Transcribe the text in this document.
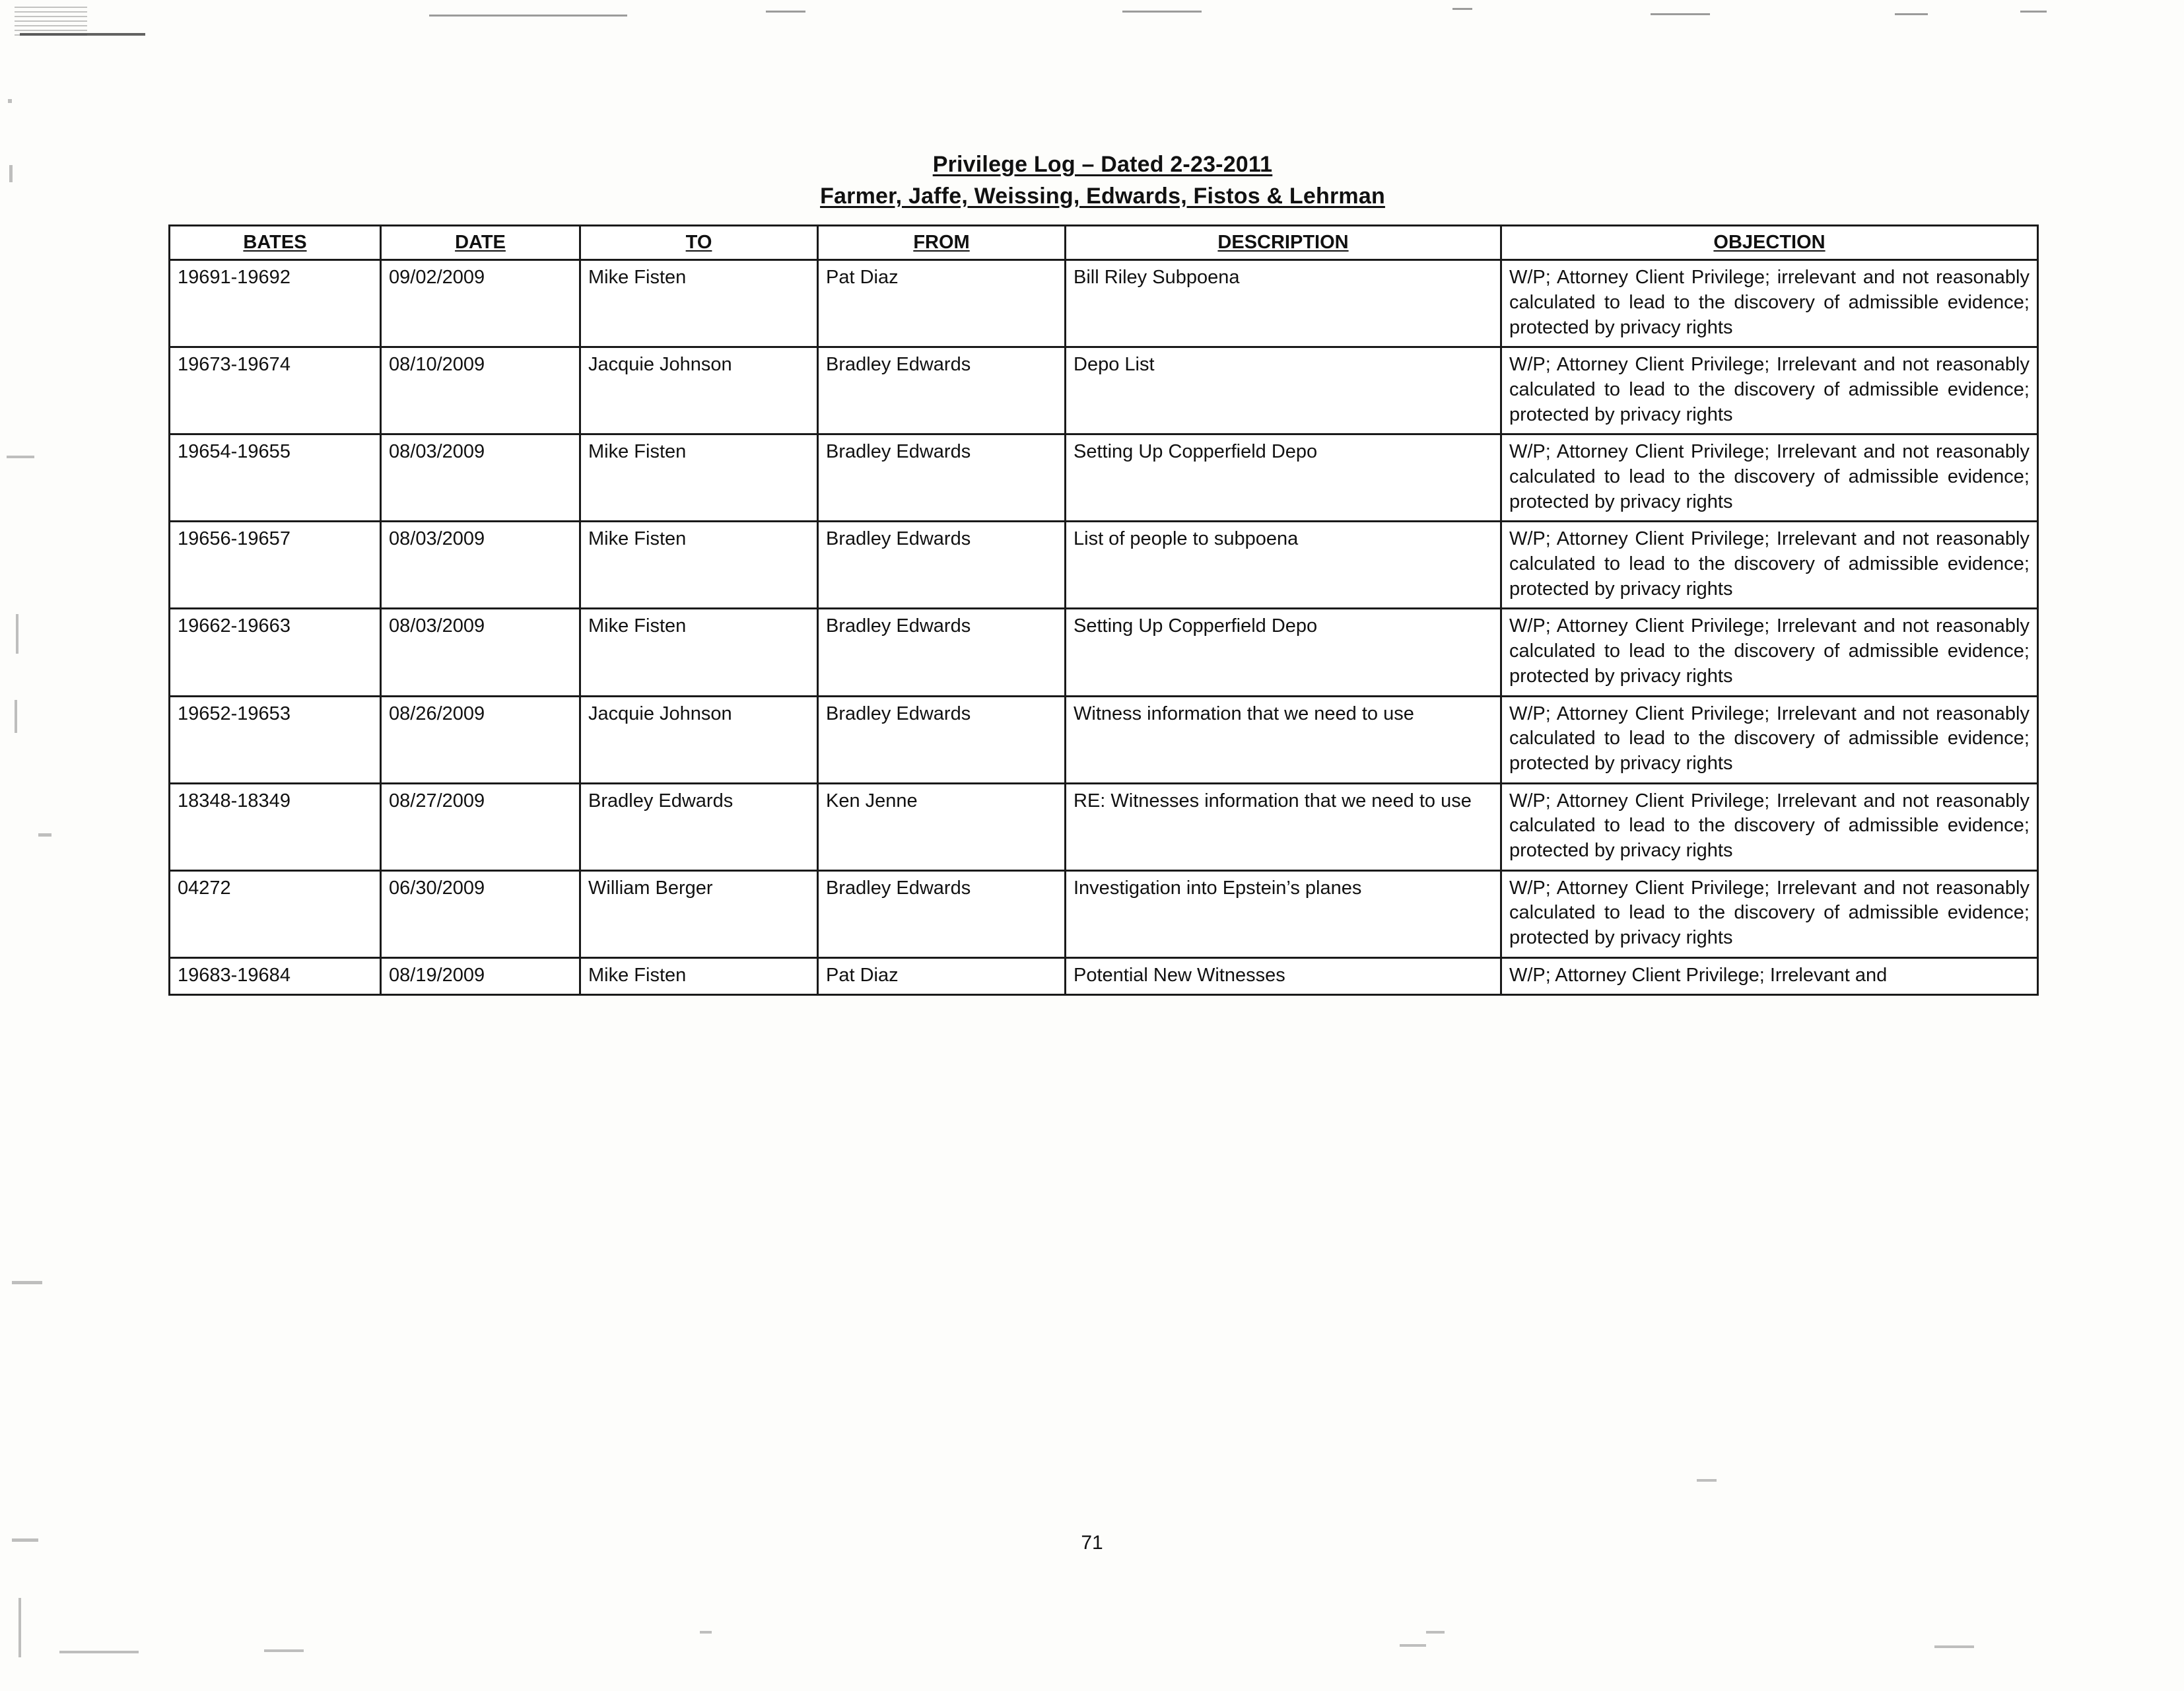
Privilege Log – Dated 2-23-2011
Farmer, Jaffe, Weissing, Edwards, Fistos & Lehrman
BATES	DATE	TO	FROM	DESCRIPTION	OBJECTION
19691-19692	09/02/2009	Mike Fisten	Pat Diaz	Bill Riley Subpoena	W/P; Attorney Client Privilege; irrelevant and not reasonably calculated to lead to the discovery of admissible evidence; protected by privacy rights
19673-19674	08/10/2009	Jacquie Johnson	Bradley Edwards	Depo List	W/P; Attorney Client Privilege; Irrelevant and not reasonably calculated to lead to the discovery of admissible evidence; protected by privacy rights
19654-19655	08/03/2009	Mike Fisten	Bradley Edwards	Setting Up Copperfield Depo	W/P; Attorney Client Privilege; Irrelevant and not reasonably calculated to lead to the discovery of admissible evidence; protected by privacy rights
19656-19657	08/03/2009	Mike Fisten	Bradley Edwards	List of people to subpoena	W/P; Attorney Client Privilege; Irrelevant and not reasonably calculated to lead to the discovery of admissible evidence; protected by privacy rights
19662-19663	08/03/2009	Mike Fisten	Bradley Edwards	Setting Up Copperfield Depo	W/P; Attorney Client Privilege; Irrelevant and not reasonably calculated to lead to the discovery of admissible evidence; protected by privacy rights
19652-19653	08/26/2009	Jacquie Johnson	Bradley Edwards	Witness information that we need to use	W/P; Attorney Client Privilege; Irrelevant and not reasonably calculated to lead to the discovery of admissible evidence; protected by privacy rights
18348-18349	08/27/2009	Bradley Edwards	Ken Jenne	RE: Witnesses information that we need to use	W/P; Attorney Client Privilege; Irrelevant and not reasonably calculated to lead to the discovery of admissible evidence; protected by privacy rights
04272	06/30/2009	William Berger	Bradley Edwards	Investigation into Epstein’s planes	W/P; Attorney Client Privilege; Irrelevant and not reasonably calculated to lead to the discovery of admissible evidence; protected by privacy rights
19683-19684	08/19/2009	Mike Fisten	Pat Diaz	Potential New Witnesses	W/P; Attorney Client Privilege; Irrelevant and
71
